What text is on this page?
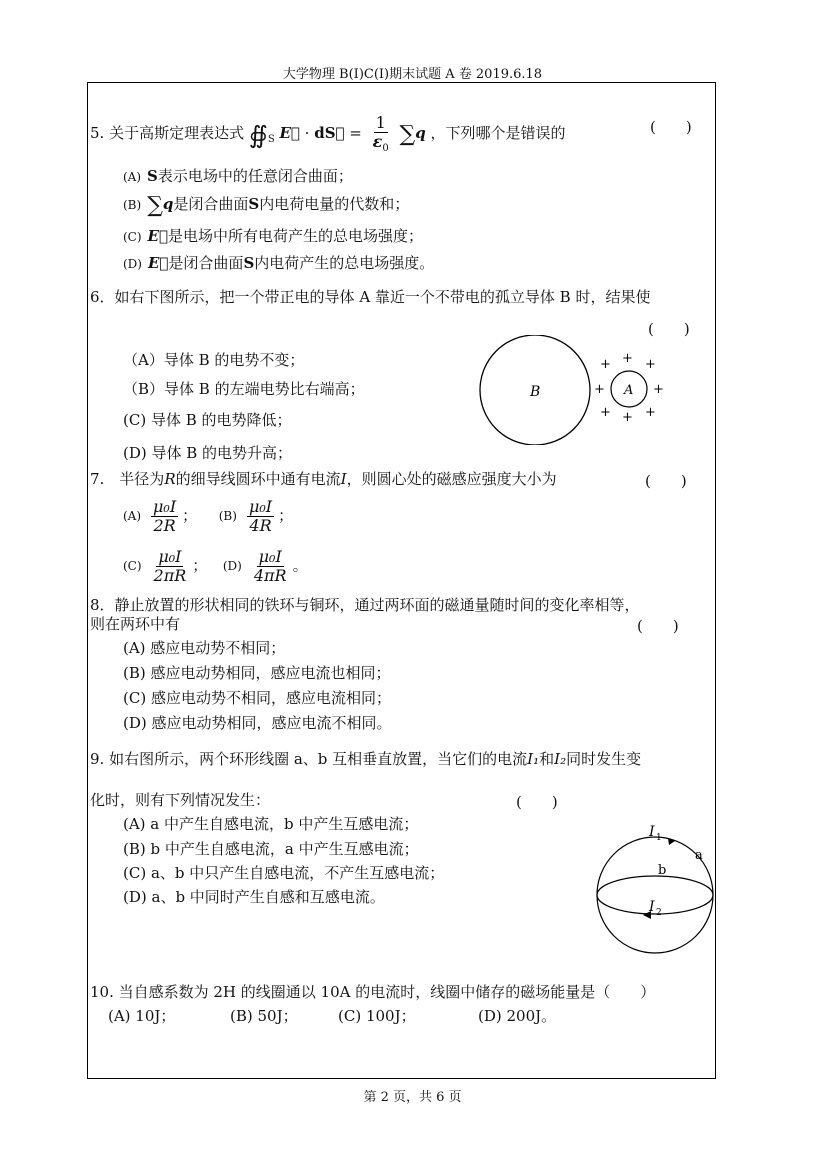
大学物理 B(I)C(I)期末试题 A 卷 2019.6.18
5. 关于高斯定理表达式 $∯_S$ E⃗ · dS⃗ = $\frac{1}{\varepsilon_0} \sum q$ ，下列哪个是错误的	(　　)
(A) S表示电场中的任意闭合曲面；
(B) ∑q是闭合曲面S内电荷电量的代数和；
(C) E⃗是电场中所有电荷产生的总电场强度；
(D) E⃗是闭合曲面S内电荷产生的总电场强度。
6．如右下图所示，把一个带正电的导体 A 靠近一个不带电的孤立导体 B 时，结果使
(　　)
（A）导体 B 的电势不变；
（B）导体 B 的左端电势比右端高；
(C) 导体 B 的电势降低；
(D) 导体 B 的电势升高；
B	A
+ + +
+	+
+ + +
7.　半径为R的细导线圆环中通有电流I，则圆心处的磁感应强度大小为	(　　)
$(A) \frac{\text{μ₀I}}{2R}$ ； $(B) \frac{\text{μ₀I}}{4R}$ ；
$(C) \frac{\text{μ₀I}}{2\pi R}$ ； $(D) \frac{\text{μ₀I}}{4\pi R}$ 。
8．静止放置的形状相同的铁环与铜环，通过两环面的磁通量随时间的变化率相等，
则在两环中有	(　　)
(A) 感应电动势不相同；
(B) 感应电动势相同，感应电流也相同；
(C) 感应电动势不相同，感应电流相同；
(D) 感应电动势相同，感应电流不相同。
9. 如右图所示，两个环形线圈 a、b 互相垂直放置，当它们的电流I₁和I₂同时发生变
化时，则有下列情况发生：	(　　)
(A) a 中产生自感电流，b 中产生互感电流；
(B) b 中产生自感电流，a 中产生互感电流；
(C) a、b 中只产生自感电流，不产生互感电流；
(D) a、b 中同时产生自感和互感电流。
I 1
b
a
I 2
10. 当自感系数为 2H 的线圈通以 10A 的电流时，线圈中储存的磁场能量是（　　）
(A) 10J；	(B) 50J；	(C) 100J；	(D) 200J。
第 2 页，共 6 页
